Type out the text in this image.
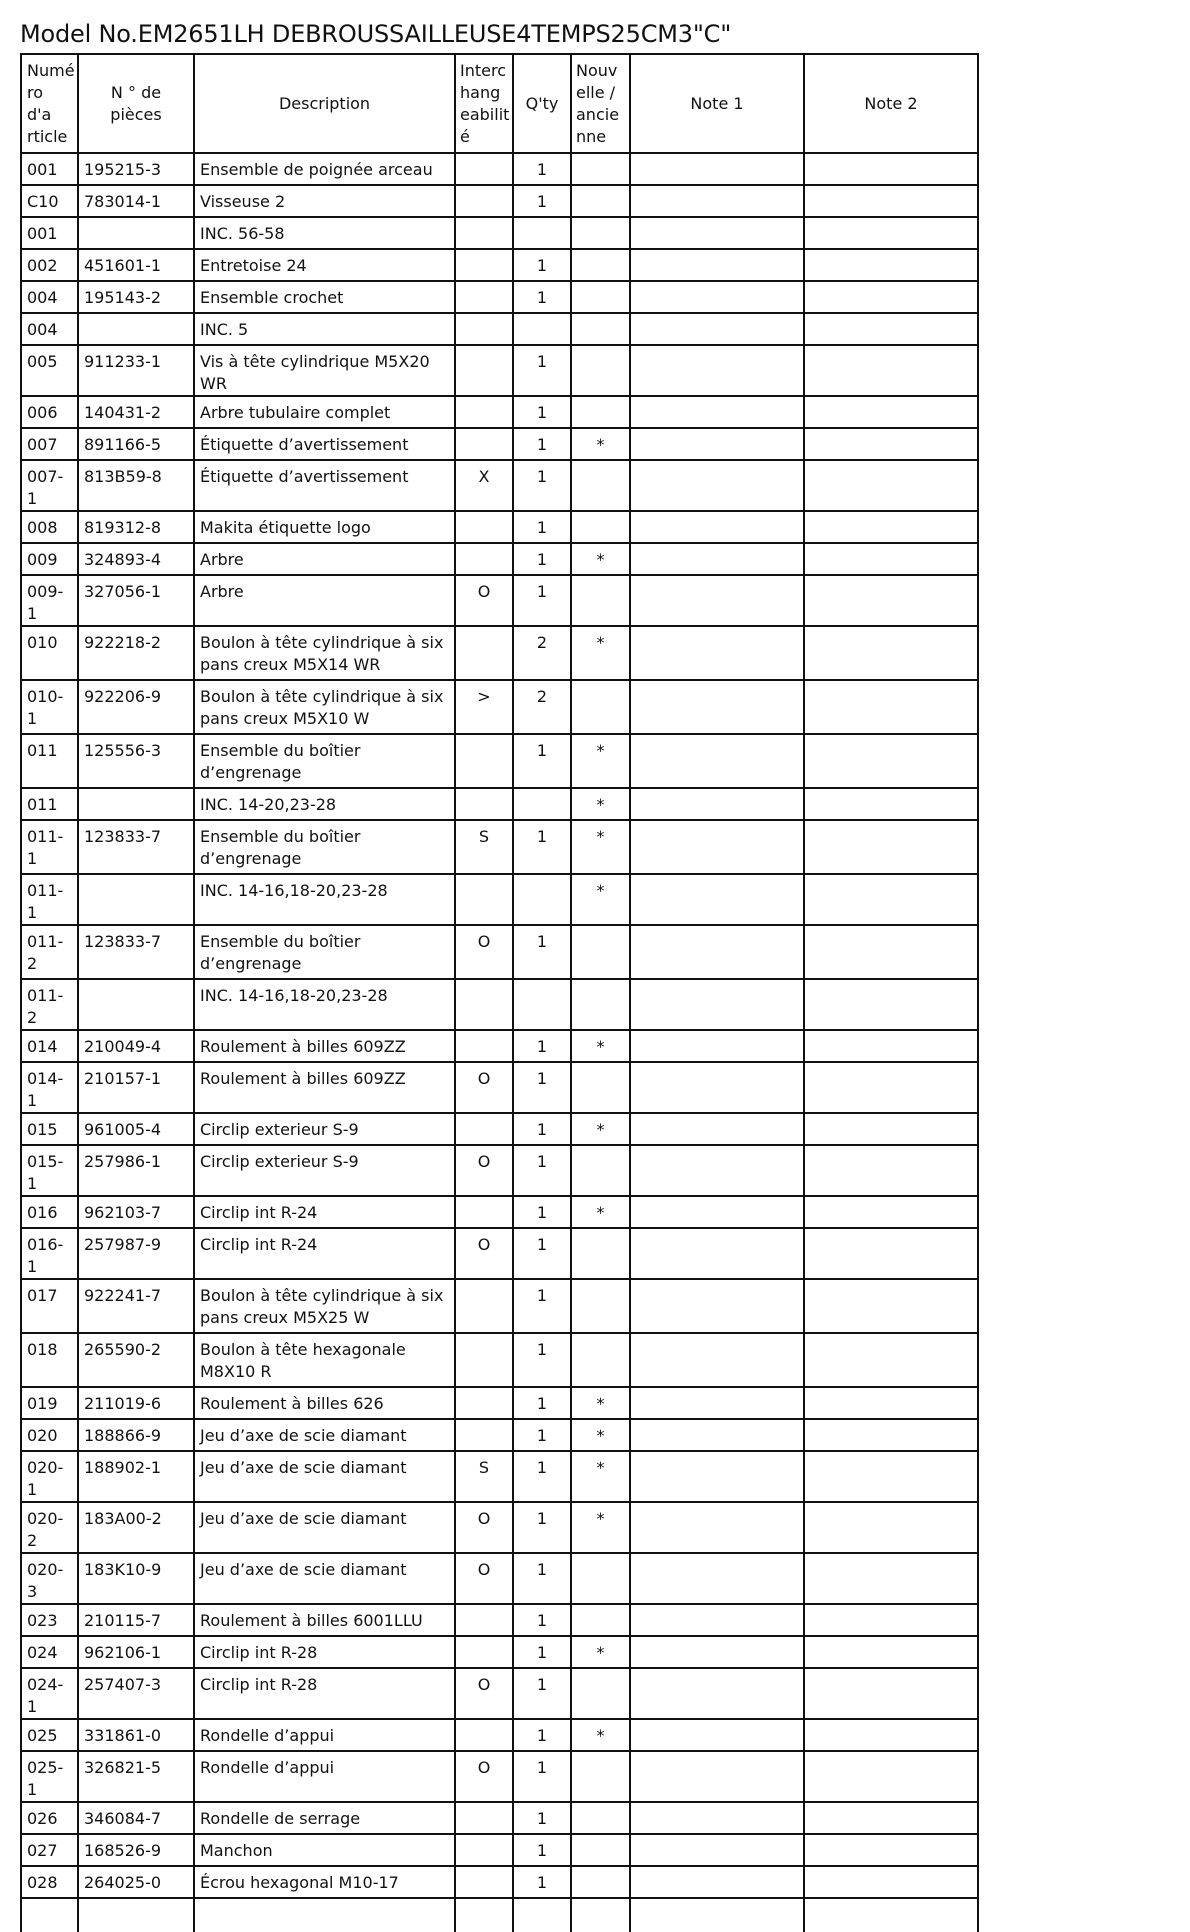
Model No.EM2651LH DEBROUSSAILLEUSE4TEMPS25CM3"C"
Numé ro d'a rticle	N ° de pièces	Description	Interc hang eabilit é	Q'ty	Nouv elle / ancie nne	Note 1	Note 2
001	195215-3	Ensemble de poignée arceau		1			
C10	783014-1	Visseuse 2		1			
001		INC. 56-58					
002	451601-1	Entretoise 24		1			
004	195143-2	Ensemble crochet		1			
004		INC. 5					
005	911233-1	Vis à tête cylindrique M5X20 WR		1			
006	140431-2	Arbre tubulaire complet		1			
007	891166-5	Étiquette d’avertissement		1	*		
007-1	813B59-8	Étiquette d’avertissement	X	1			
008	819312-8	Makita étiquette logo		1			
009	324893-4	Arbre		1	*		
009-1	327056-1	Arbre	O	1			
010	922218-2	Boulon à tête cylindrique à six pans creux M5X14 WR		2	*		
010-1	922206-9	Boulon à tête cylindrique à six pans creux M5X10 W	>	2			
011	125556-3	Ensemble du boîtier d’engrenage		1	*		
011		INC. 14-20,23-28			*		
011-1	123833-7	Ensemble du boîtier d’engrenage	S	1	*		
011-1		INC. 14-16,18-20,23-28			*		
011-2	123833-7	Ensemble du boîtier d’engrenage	O	1			
011-2		INC. 14-16,18-20,23-28					
014	210049-4	Roulement à billes 609ZZ		1	*		
014-1	210157-1	Roulement à billes 609ZZ	O	1			
015	961005-4	Circlip exterieur S-9		1	*		
015-1	257986-1	Circlip exterieur S-9	O	1			
016	962103-7	Circlip int R-24		1	*		
016-1	257987-9	Circlip int R-24	O	1			
017	922241-7	Boulon à tête cylindrique à six pans creux M5X25 W		1			
018	265590-2	Boulon à tête hexagonale M8X10 R		1			
019	211019-6	Roulement à billes 626		1	*		
020	188866-9	Jeu d’axe de scie diamant		1	*		
020-1	188902-1	Jeu d’axe de scie diamant	S	1	*		
020-2	183A00-2	Jeu d’axe de scie diamant	O	1	*		
020-3	183K10-9	Jeu d’axe de scie diamant	O	1			
023	210115-7	Roulement à billes 6001LLU		1			
024	962106-1	Circlip int R-28		1	*		
024-1	257407-3	Circlip int R-28	O	1			
025	331861-0	Rondelle d’appui		1	*		
025-1	326821-5	Rondelle d’appui	O	1			
026	346084-7	Rondelle de serrage		1			
027	168526-9	Manchon		1			
028	264025-0	Écrou hexagonal M10-17		1			
